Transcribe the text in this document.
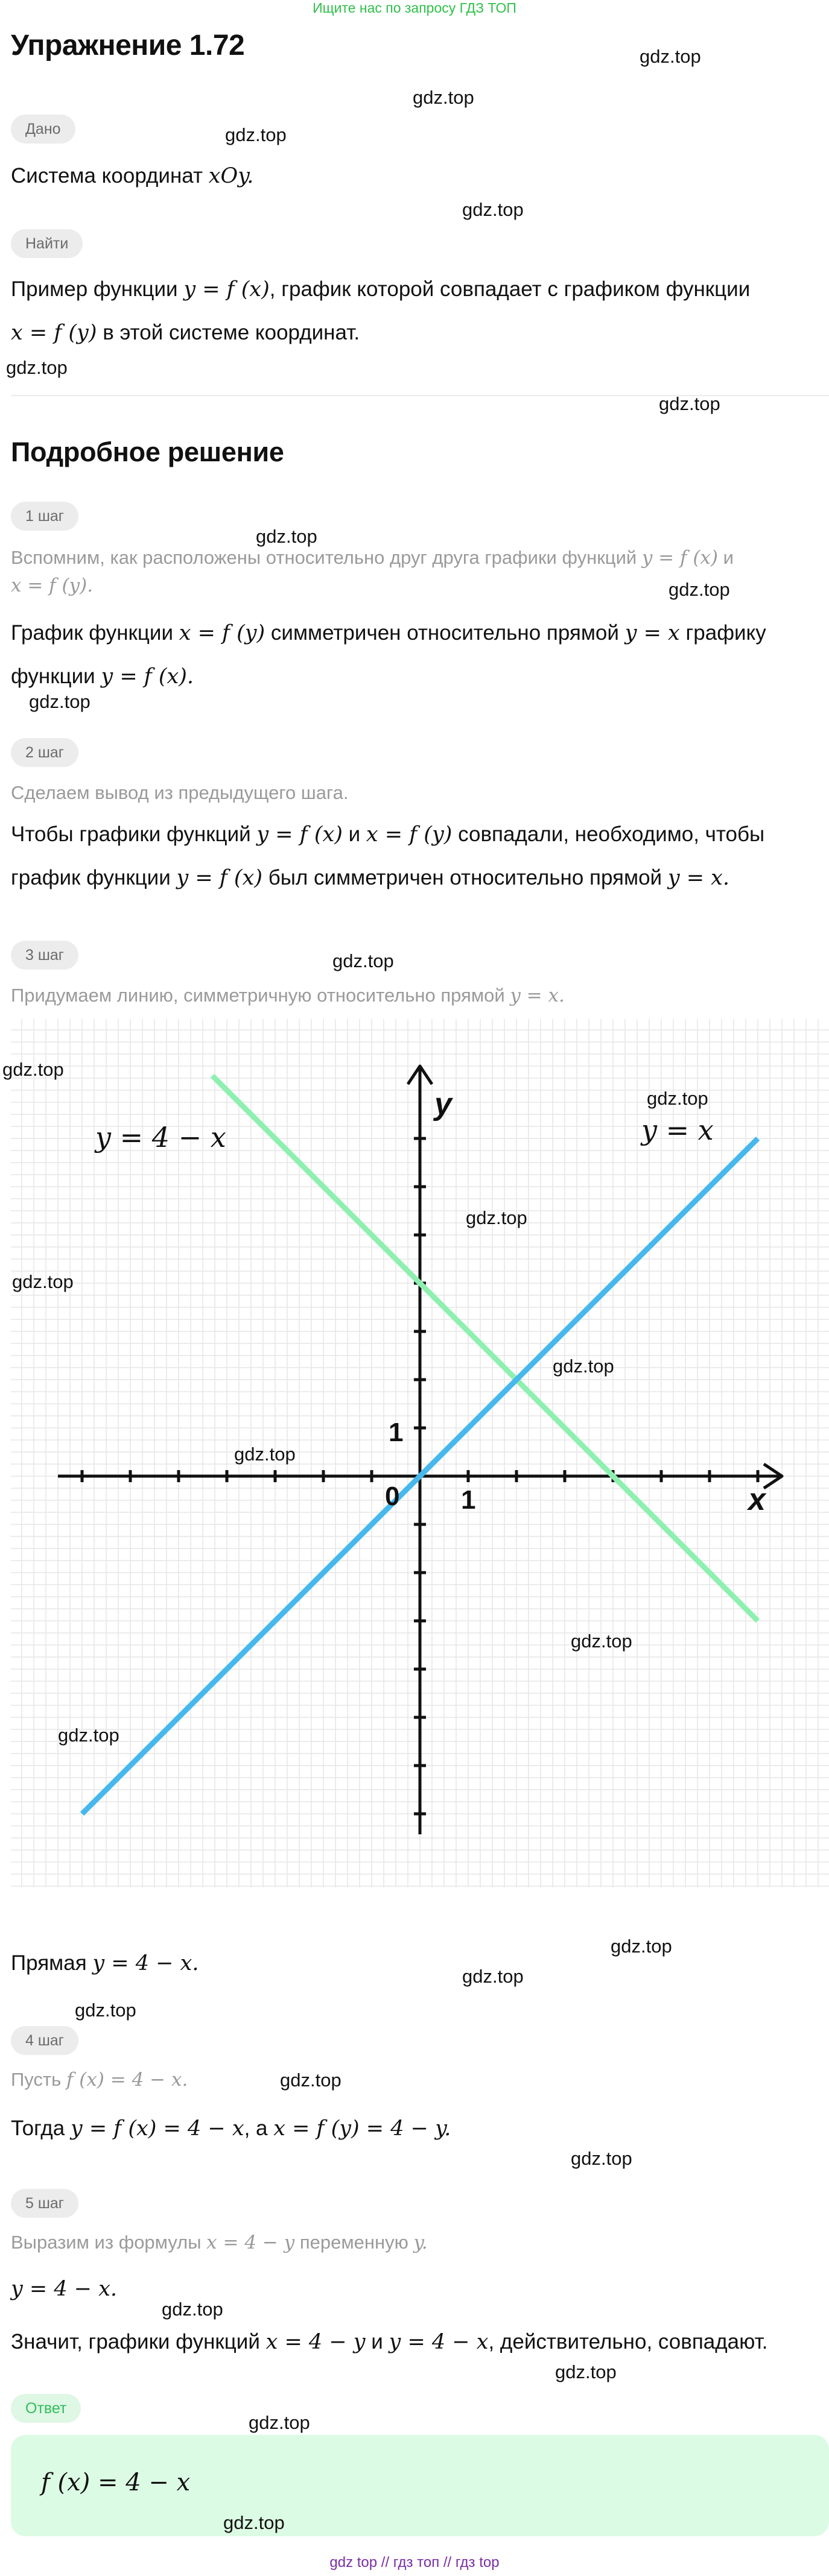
Ищите нас по запросу ГДЗ ТОП
Упражнение 1.72
Дано
Система координат xOy.
Найти
Пример функции y = f (x), график которой совпадает с графиком функции
x = f (y) в этой системе координат.
Подробное решение
1 шаг
Вспомним, как расположены относительно друг друга графики функций y = f (x) и
x = f (y).
График функции x = f (y) симметричен относительно прямой y = x графику
функции y = f (x).
2 шаг
Сделаем вывод из предыдущего шага.
Чтобы графики функций y = f (x) и x = f (y) совпадали, необходимо, чтобы
график функции y = f (x) был симметричен относительно прямой y = x.
3 шаг
Придумаем линию, симметричную относительно прямой y = x.
y = 4 − x	y = x
x
y
0 1
1
Прямая y = 4 − x.
4 шаг
Пусть f (x) = 4 − x.
Тогда y = f (x) = 4 − x, а x = f (y) = 4 − y.
5 шаг
Выразим из формулы x = 4 − y переменную y.
y = 4 − x.
Значит, графики функций x = 4 − y и y = 4 − x, действительно, совпадают.
Ответ
f (x) = 4 − x
gdz.top
gdz.top
gdz.top
gdz.top
gdz.top
gdz.top
gdz.top
gdz.top
gdz.top
gdz.top
gdz.top
gdz.top
gdz.top
gdz.top
gdz.top
gdz.top
gdz.top
gdz.top
gdz.top
gdz.top
gdz.top
gdz.top
gdz.top
gdz.top
gdz.top
gdz.top
gdz.top
gdz top // гдз топ // гдз top
